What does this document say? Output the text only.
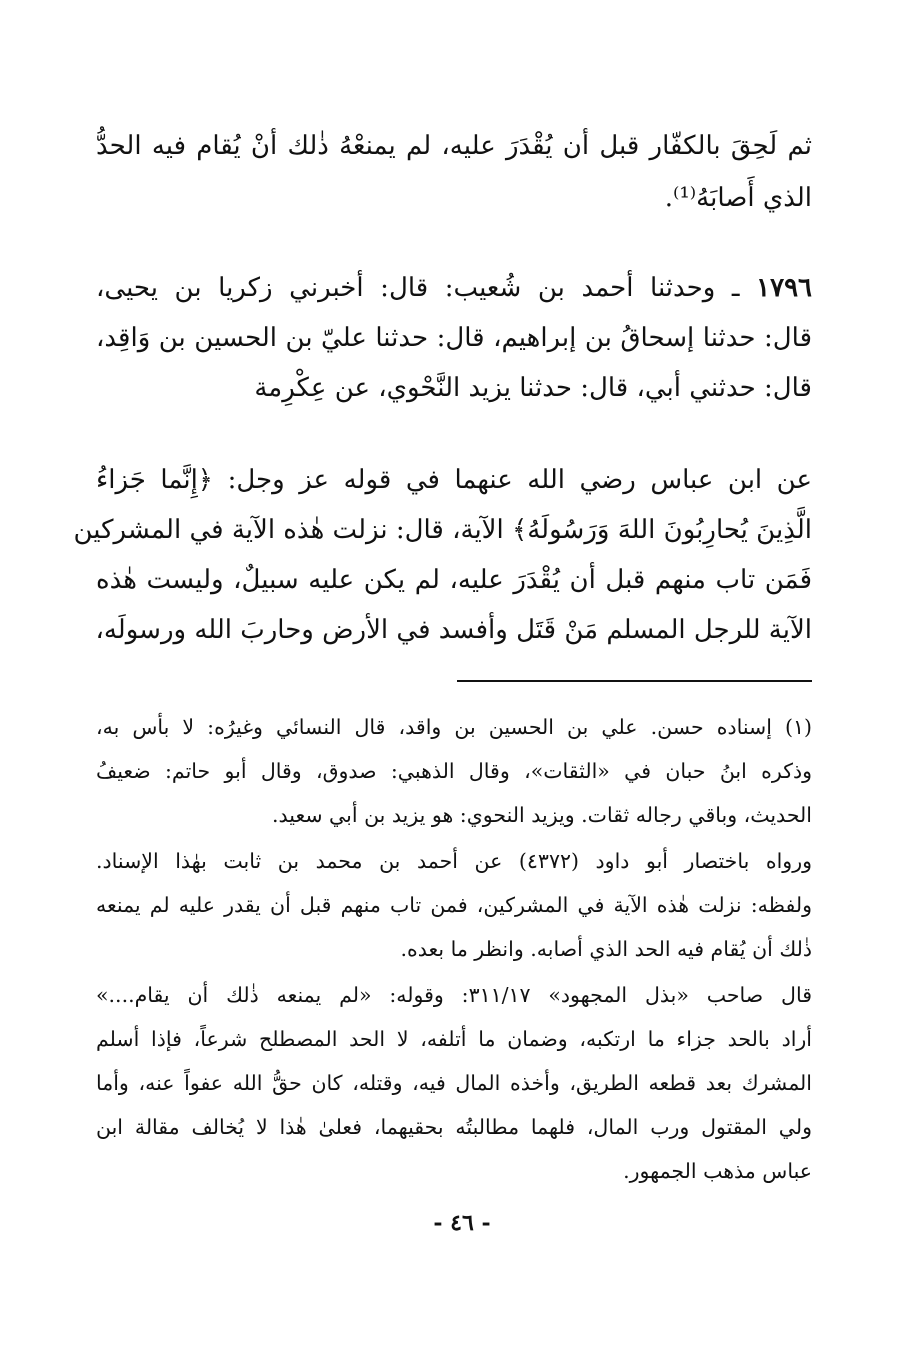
ثم لَحِقَ بالكفّار قبل أن يُقْدَرَ عليه، لم يمنعْهُ ذٰلك أنْ يُقام فيه الحدُّ
الذي أَصابَهُ⁽¹⁾.
١٧٩٦ ـ وحدثنا أحمد بن شُعيب: قال: أخبرني زكريا بن يحيى،
قال: حدثنا إسحاقُ بن إبراهيم، قال: حدثنا عليّ بن الحسين بن وَاقِد،
قال: حدثني أبي، قال: حدثنا يزيد النَّحْوي، عن عِكْرِمة
عن ابن عباس رضي الله عنهما في قوله عز وجل: ﴿إِنَّما جَزاءُ
الَّذِينَ يُحارِبُونَ اللهَ وَرَسُولَهُ﴾ الآية، قال: نزلت هٰذه الآية في المشركين
فَمَن تاب منهم قبل أن يُقْدَرَ عليه، لم يكن عليه سبيلٌ، وليست هٰذه
الآية للرجل المسلم مَنْ قَتَل وأفسد في الأرض وحاربَ الله ورسولَه،
(١) إسناده حسن. علي بن الحسين بن واقد، قال النسائي وغيرُه: لا بأس به،
وذكره ابنُ حبان في «الثقات»، وقال الذهبي: صدوق، وقال أبو حاتم: ضعيفُ
الحديث، وباقي رجاله ثقات. ويزيد النحوي: هو يزيد بن أبي سعيد.
ورواه باختصار أبو داود (٤٣٧٢) عن أحمد بن محمد بن ثابت بهٰذا الإسناد.
ولفظه: نزلت هٰذه الآية في المشركين، فمن تاب منهم قبل أن يقدر عليه لم يمنعه
ذٰلك أن يُقام فيه الحد الذي أصابه. وانظر ما بعده.
قال صاحب «بذل المجهود» ٣١١/١٧: وقوله: «لم يمنعه ذٰلك أن يقام....»
أراد بالحد جزاء ما ارتكبه، وضمان ما أتلفه، لا الحد المصطلح شرعاً، فإذا أسلم
المشرك بعد قطعه الطريق، وأخذه المال فيه، وقتله، كان حقُّ الله عفواً عنه، وأما
ولي المقتول ورب المال، فلهما مطالبتُه بحقيهما، فعلىٰ هٰذا لا يُخالف مقالة ابن
عباس مذهب الجمهور.
- ٤٦ -
